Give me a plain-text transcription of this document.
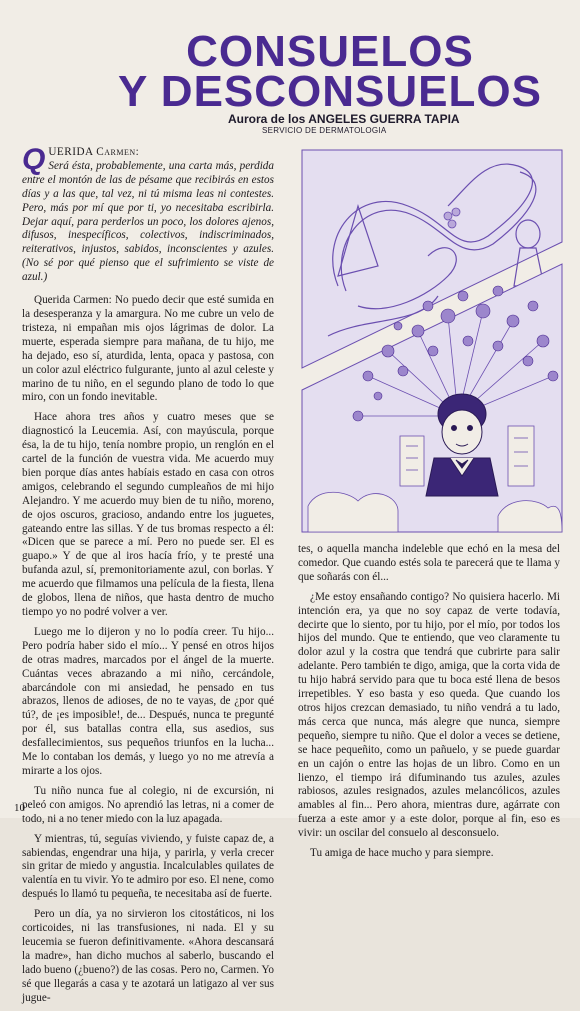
CONSUELOS
Y DESCONSUELOS
Aurora de los ANGELES GUERRA TAPIA
SERVICIO DE DERMATOLOGIA

QUERIDA Carmen:
Será ésta, probablemente, una carta más, perdida entre el montón de las de pésame que recibirás en estos días y a las que, tal vez, ni tú misma leas ni contestes. Pero, más por mí que por ti, yo necesitaba escribirla. Dejar aquí, para perderlos un poco, los dolores ajenos, difusos, inespecíficos, colectivos, indiscriminados, reiterativos, injustos, sabidos, inconscientes y azules. (No sé por qué pienso que el sufrimiento se viste de azul.)

Querida Carmen: No puedo decir que esté sumida en la desesperanza y la amargura. No me cubre un velo de tristeza, ni empañan mis ojos lágrimas de dolor. La muerte, esperada siempre para mañana, de tu hijo, me ha dejado, eso sí, aturdida, lenta, opaca y pastosa, con un color azul eléctrico fulgurante, junto al azul celeste y marino de tu niño, en el segundo plano de todo lo que miro, con un fondo inevitable.

Hace ahora tres años y cuatro meses que se diagnosticó la Leucemia. Así, con mayúscula, porque ésa, la de tu hijo, tenía nombre propio, un renglón en el cartel de la función de vuestra vida. Me acuerdo muy bien porque días antes habíais estado en casa con otros amigos, celebrando el segundo cumpleaños de mi hijo Alejandro. Y me acuerdo muy bien de tu niño, moreno, de ojos oscuros, gracioso, andando entre los juguetes, gateando entre las sillas. Y de tus bromas respecto a él: «Dicen que se parece a mí. Pero no puede ser. El es guapo.» Y de que al iros hacía frío, y te presté una bufanda azul, sí, premonitoriamente azul, con borlas. Y me acuerdo que filmamos una película de la fiesta, llena de globos, llena de niños, que hasta dentro de mucho tiempo yo no podré volver a ver.

Luego me lo dijeron y no lo podía creer. Tu hijo... Pero podría haber sido el mío... Y pensé en otros hijos de otras madres, marcados por el ángel de la muerte. Cuántas veces abrazando a mi niño, cercándole, abarcándole con mi ansiedad, he pensado en tus abrazos, llenos de adioses, de no te vayas, de ¿por qué tú?, de ¡es imposible!, de... Después, nunca te pregunté por él, sus batallas contra ella, sus asedios, sus desfallecimientos, sus pequeños triunfos en la lucha... Me lo contaban los demás, y luego yo no me atrevía a mirarte a los ojos.

Tu niño nunca fue al colegio, ni de excursión, ni peleó con amigos. No aprendió las letras, ni a comer de todo, ni a no tener miedo con la luz apagada.

Y mientras, tú, seguías viviendo, y fuiste capaz de, a sabiendas, engendrar una hija, y parirla, y verla crecer sin gritar de miedo y angustia. Incalculables quilates de valentía en tu vivir. Yo te admiro por eso. El nene, como después lo llamó tu pequeña, te necesitaba así de fuerte.

Pero un día, ya no sirvieron los citostáticos, ni los corticoides, ni las transfusiones, ni nada. El y su leucemia se fueron definitivamente. «Ahora descansará la madre», han dicho muchos al saberlo, buscando el lado bueno (¿bueno?) de las cosas. Pero no, Carmen. Yo sé que llegarás a casa y te azotará un latigazo al ver sus jugue-

tes, o aquella mancha indeleble que echó en la mesa del comedor. Que cuando estés sola te parecerá que te llama y que soñarás con él...

¿Me estoy ensañando contigo? No quisiera hacerlo. Mi intención era, ya que no soy capaz de verte todavía, decirte que lo siento, por tu hijo, por el mío, por todos los hijos del mundo. Que te entiendo, que veo claramente tu dolor azul y la costra que tendrá que cubrirte para salir adelante. Pero también te digo, amiga, que la corta vida de tu hijo habrá servido para que tu boca esté llena de besos irrepetibles. Y eso basta y eso queda. Que cuando los otros hijos crezcan demasiado, tu niño vendrá a tu lado, más cerca que nunca, más alegre que nunca, siempre pequeño, siempre tu niño. Que el dolor a veces se detiene, se hace pequeñito, como un pañuelo, y se puede guardar en un cajón o entre las hojas de un libro. Como en un lienzo, el tiempo irá difuminando tus azules, azules rabiosos, azules resignados, azules melancólicos, azules amables al fin... Pero ahora, mientras dure, agárrate con fuerza a este amor y a este dolor, porque al fin, eso es vivir: un oscilar del consuelo al desconsuelo.

Tu amiga de hace mucho y para siempre.

10
